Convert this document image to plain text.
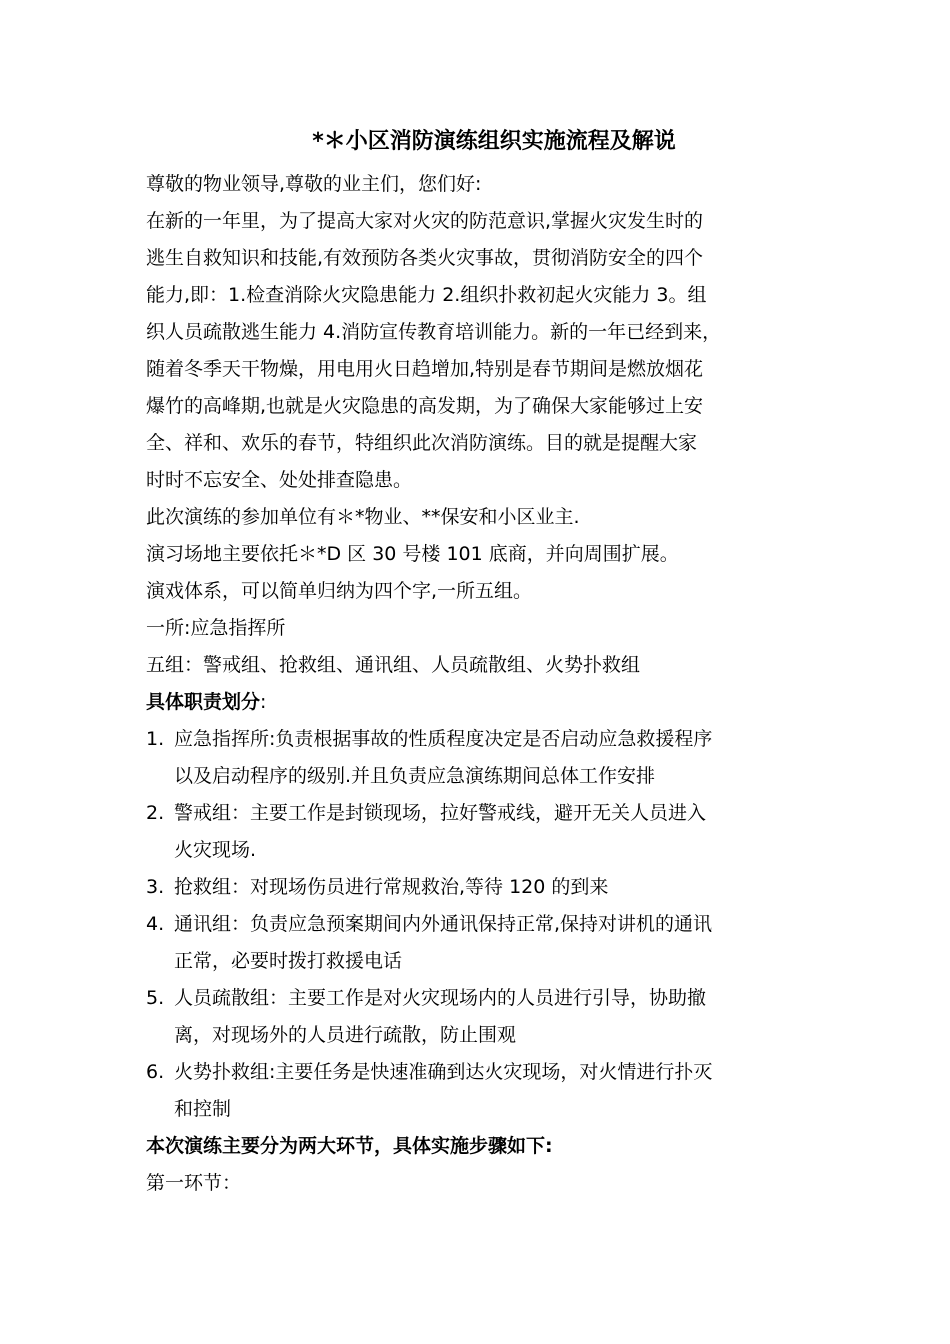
*＊小区消防演练组织实施流程及解说

尊敬的物业领导,尊敬的业主们，您们好:

在新的一年里，为了提高大家对火灾的防范意识,掌握火灾发生时的
逃生自救知识和技能,有效预防各类火灾事故，贯彻消防安全的四个
能力,即：1.检查消除火灾隐患能力 2.组织扑救初起火灾能力 3。组
织人员疏散逃生能力 4.消防宣传教育培训能力。新的一年已经到来，
随着冬季天干物燥，用电用火日趋增加,特别是春节期间是燃放烟花
爆竹的高峰期,也就是火灾隐患的高发期，为了确保大家能够过上安
全、祥和、欢乐的春节，特组织此次消防演练。目的就是提醒大家
时时不忘安全、处处排查隐患。

此次演练的参加单位有＊*物业、**保安和小区业主.

演习场地主要依托＊*D 区 30 号楼 101 底商，并向周围扩展。

演戏体系，可以简单归纳为四个字,一所五组。

一所:应急指挥所

五组：警戒组、抢救组、通讯组、人员疏散组、火势扑救组

具体职责划分:

1. 应急指挥所:负责根据事故的性质程度决定是否启动应急救援程序
以及启动程序的级别.并且负责应急演练期间总体工作安排
2. 警戒组：主要工作是封锁现场，拉好警戒线，避开无关人员进入
火灾现场.
3. 抢救组：对现场伤员进行常规救治,等待 120 的到来
4. 通讯组：负责应急预案期间内外通讯保持正常,保持对讲机的通讯
正常，必要时拨打救援电话
5. 人员疏散组：主要工作是对火灾现场内的人员进行引导，协助撤
离，对现场外的人员进行疏散，防止围观
6. 火势扑救组:主要任务是快速准确到达火灾现场，对火情进行扑灭
和控制

本次演练主要分为两大环节，具体实施步骤如下:

第一环节：
